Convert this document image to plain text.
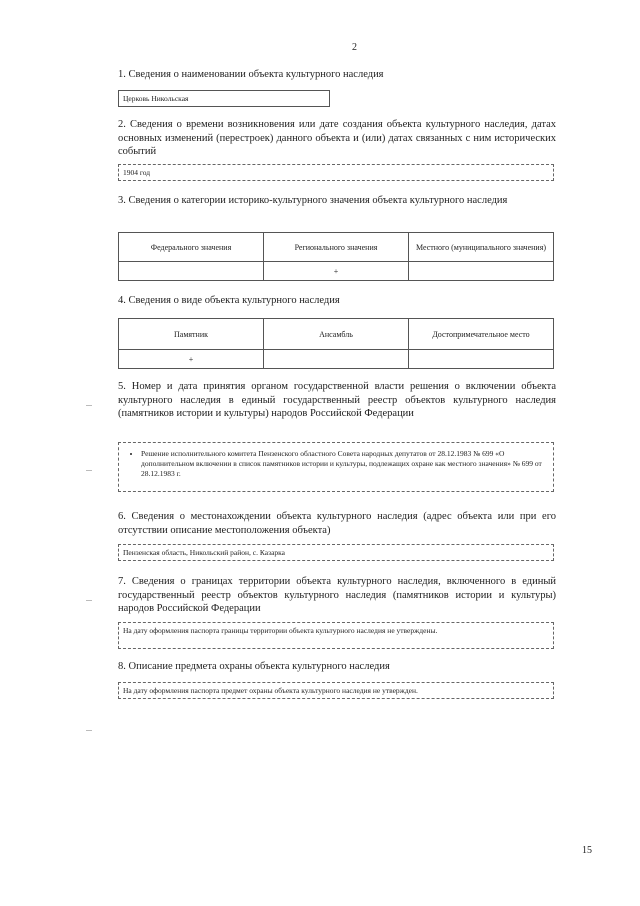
2
1. Сведения о наименовании объекта культурного наследия
Церковь Никольская
2. Сведения о времени возникновения или дате создания объекта культурного наследия, датах основных изменений (перестроек) данного объекта и (или) датах связанных с ним исторических событий
1904 год
3. Сведения о категории историко-культурного значения объекта культурного наследия
Федерального значения	Регионального значения	Местного (муниципального значения)
	+	
4. Сведения о виде объекта культурного наследия
Памятник	Ансамбль	Достопримечательное место
+		
5. Номер и дата принятия органом государственной власти решения о включении объекта культурного наследия в единый государственный реестр объектов культурного наследия (памятников истории и культуры) народов Российской Федерации
• Решение исполнительного комитета Пензенского областного Совета народных депутатов от 28.12.1983 № 699 «О дополнительном включении в список памятников истории и культуры, подлежащих охране как местного значения» № 699 от 28.12.1983 г.
6. Сведения о местонахождении объекта культурного наследия (адрес объекта или при его отсутствии описание местоположения объекта)
Пензенская область, Никольский район, с. Казарка
7. Сведения о границах территории объекта культурного наследия, включенного в единый государственный реестр объектов культурного наследия (памятников истории и культуры) народов Российской Федерации
На дату оформления паспорта границы территории объекта культурного наследия не утверждены.
8. Описание предмета охраны объекта культурного наследия
На дату оформления паспорта предмет охраны объекта культурного наследия не утвержден.
15
